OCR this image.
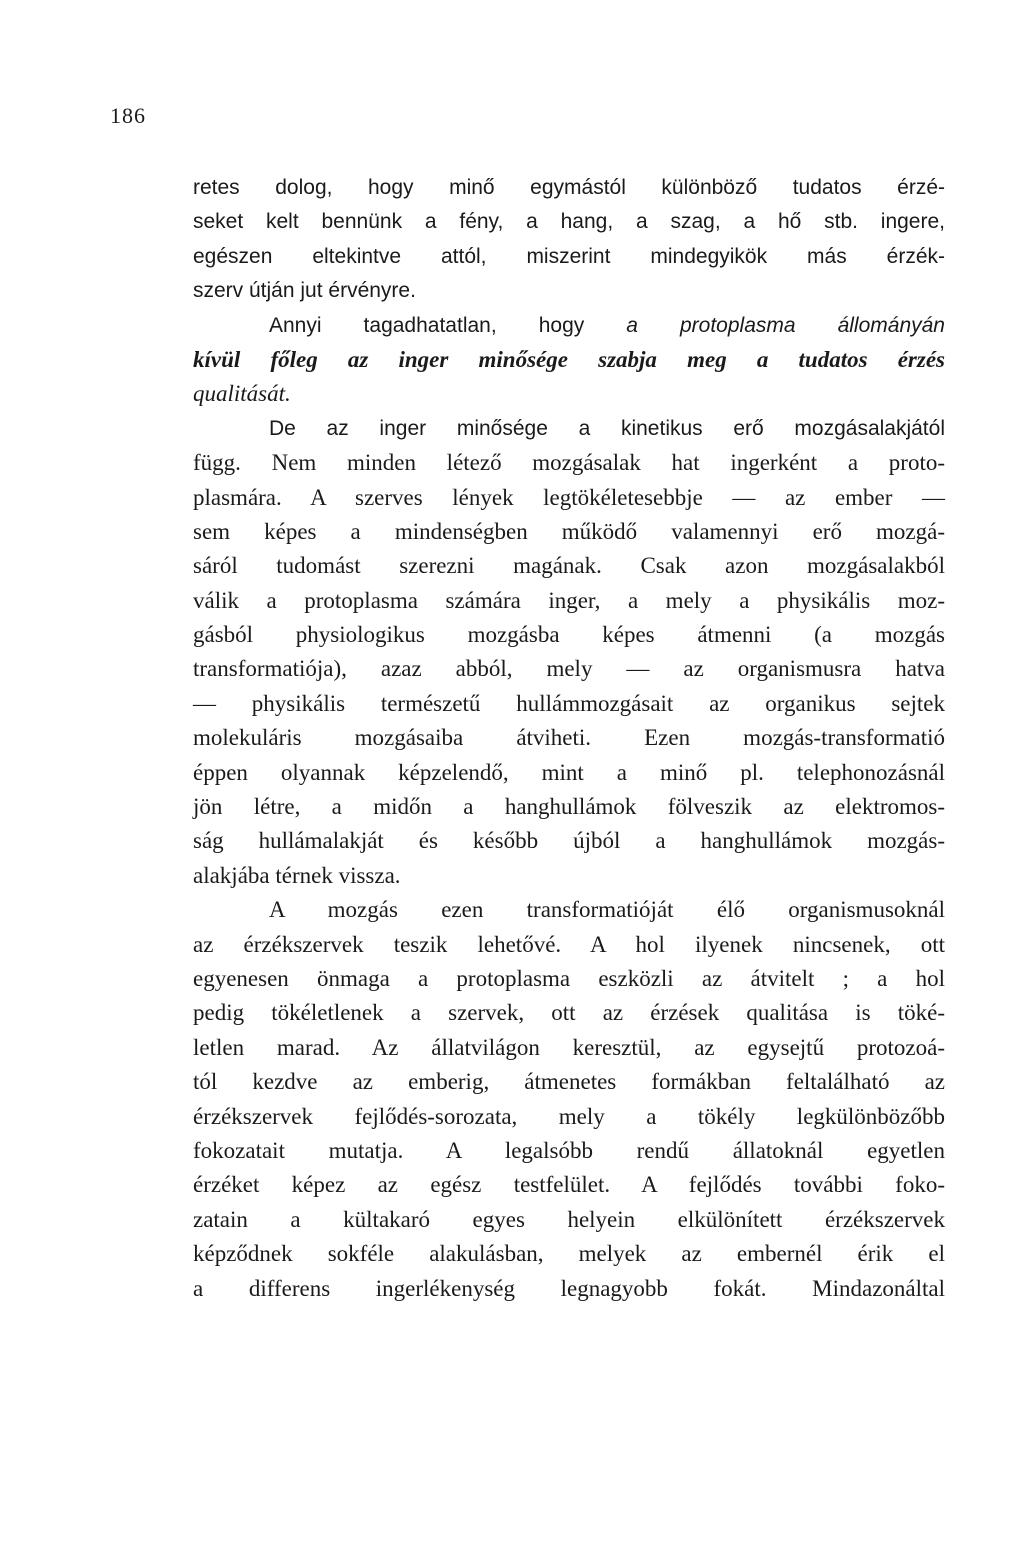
186
retes dolog, hogy minő egymástól különböző tudatos érzé-
seket kelt bennünk a fény, a hang, a szag, a hő stb. ingere,
egészen eltekintve attól, miszerint mindegyikök más érzék-
szerv útján jut érvényre.
Annyi tagadhatatlan, hogy a protoplasma állományán
kívül főleg az inger minősége szabja meg a tudatos érzés
qualitását.
De az inger minősége a kinetikus erő mozgásalakjától
függ. Nem minden létező mozgásalak hat ingerként a proto-
plasmára. A szerves lények legtökéletesebbje — az ember —
sem képes a mindenségben működő valamennyi erő mozgá-
sáról tudomást szerezni magának. Csak azon mozgásalakból
válik a protoplasma számára inger, a mely a physikális moz-
gásból physiologikus mozgásba képes átmenni (a mozgás
transformatiója), azaz abból, mely — az organismusra hatva
— physikális természetű hullámmozgásait az organikus sejtek
molekuláris mozgásaiba átviheti. Ezen mozgás-transformatió
éppen olyannak képzelendő, mint a minő pl. telephonozásnál
jön létre, a midőn a hanghullámok fölveszik az elektromos-
ság hullámalakját és később újból a hanghullámok mozgás-
alakjába térnek vissza.
A mozgás ezen transformatióját élő organismusoknál
az érzékszervek teszik lehetővé. A hol ilyenek nincsenek, ott
egyenesen önmaga a protoplasma eszközli az átvitelt ; a hol
pedig tökéletlenek a szervek, ott az érzések qualitása is töké-
letlen marad. Az állatvilágon keresztül, az egysejtű protozoá-
tól kezdve az emberig, átmenetes formákban feltalálható az
érzékszervek fejlődés-sorozata, mely a tökély legkülönbözőbb
fokozatait mutatja. A legalsóbb rendű állatoknál egyetlen
érzéket képez az egész testfelület. A fejlődés további foko-
zatain a kültakaró egyes helyein elkülönített érzékszervek
képződnek sokféle alakulásban, melyek az embernél érik el
a differens ingerlékenység legnagyobb fokát. Mindazonáltal
